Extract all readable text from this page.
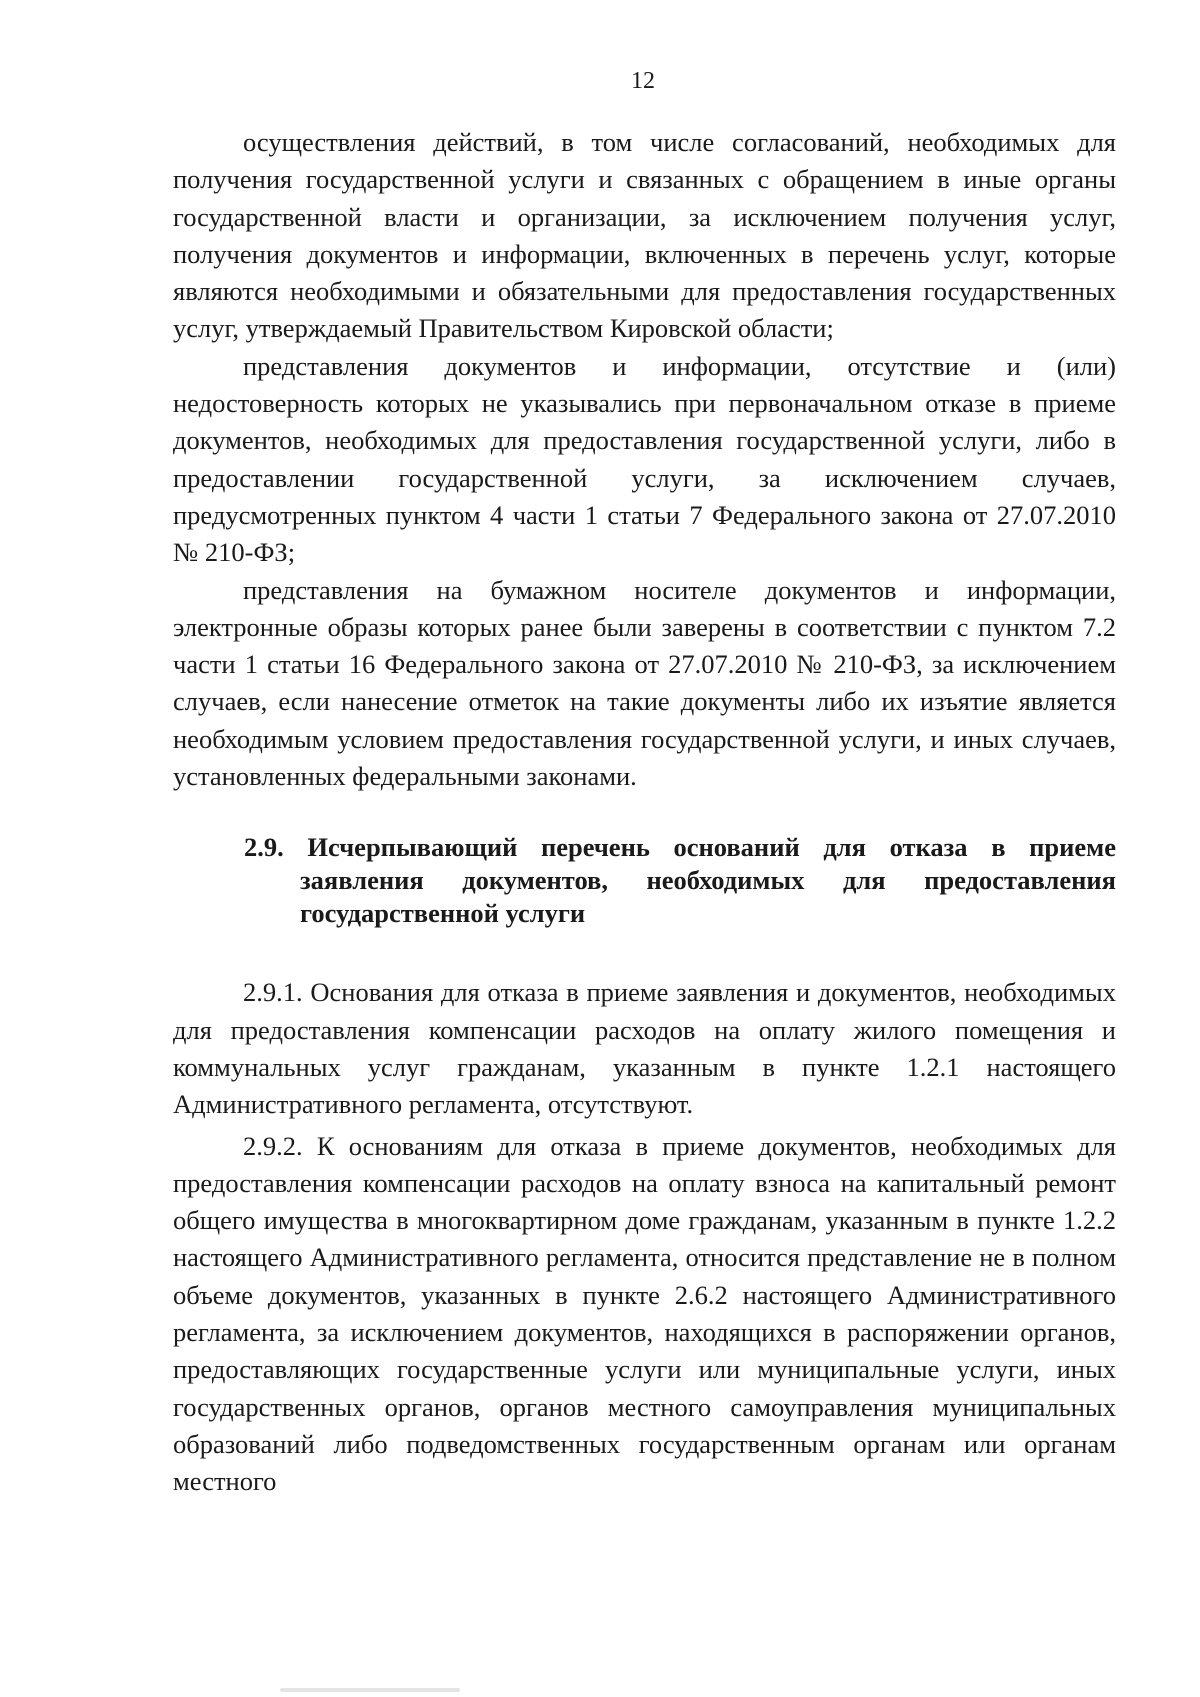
12

осуществления действий, в том числе согласований, необходимых для получения государственной услуги и связанных с обращением в иные органы государственной власти и организации, за исключением получения услуг, получения документов и информации, включенных в перечень услуг, которые являются необходимыми и обязательными для предоставления государственных услуг, утверждаемый Правительством Кировской области;

представления документов и информации, отсутствие и (или) недостоверность которых не указывались при первоначальном отказе в приеме документов, необходимых для предоставления государственной услуги, либо в предоставлении государственной услуги, за исключением случаев, предусмотренных пунктом 4 части 1 статьи 7 Федерального закона от 27.07.2010 № 210-ФЗ;

представления на бумажном носителе документов и информации, электронные образы которых ранее были заверены в соответствии с пунктом 7.2 части 1 статьи 16 Федерального закона от 27.07.2010 № 210-ФЗ, за исключением случаев, если нанесение отметок на такие документы либо их изъятие является необходимым условием предоставления государственной услуги, и иных случаев, установленных федеральными законами.

2.9. Исчерпывающий перечень оснований для отказа в приеме заявления документов, необходимых для предоставления государственной услуги

2.9.1. Основания для отказа в приеме заявления и документов, необходимых для предоставления компенсации расходов на оплату жилого помещения и коммунальных услуг гражданам, указанным в пункте 1.2.1 настоящего Административного регламента, отсутствуют.

2.9.2. К основаниям для отказа в приеме документов, необходимых для предоставления компенсации расходов на оплату взноса на капитальный ремонт общего имущества в многоквартирном доме гражданам, указанным в пункте 1.2.2 настоящего Административного регламента, относится представление не в полном объеме документов, указанных в пункте 2.6.2 настоящего Административного регламента, за исключением документов, находящихся в распоряжении органов, предоставляющих государственные услуги или муниципальные услуги, иных государственных органов, органов местного самоуправления муниципальных образований либо подведомственных государственным органам или органам местного
